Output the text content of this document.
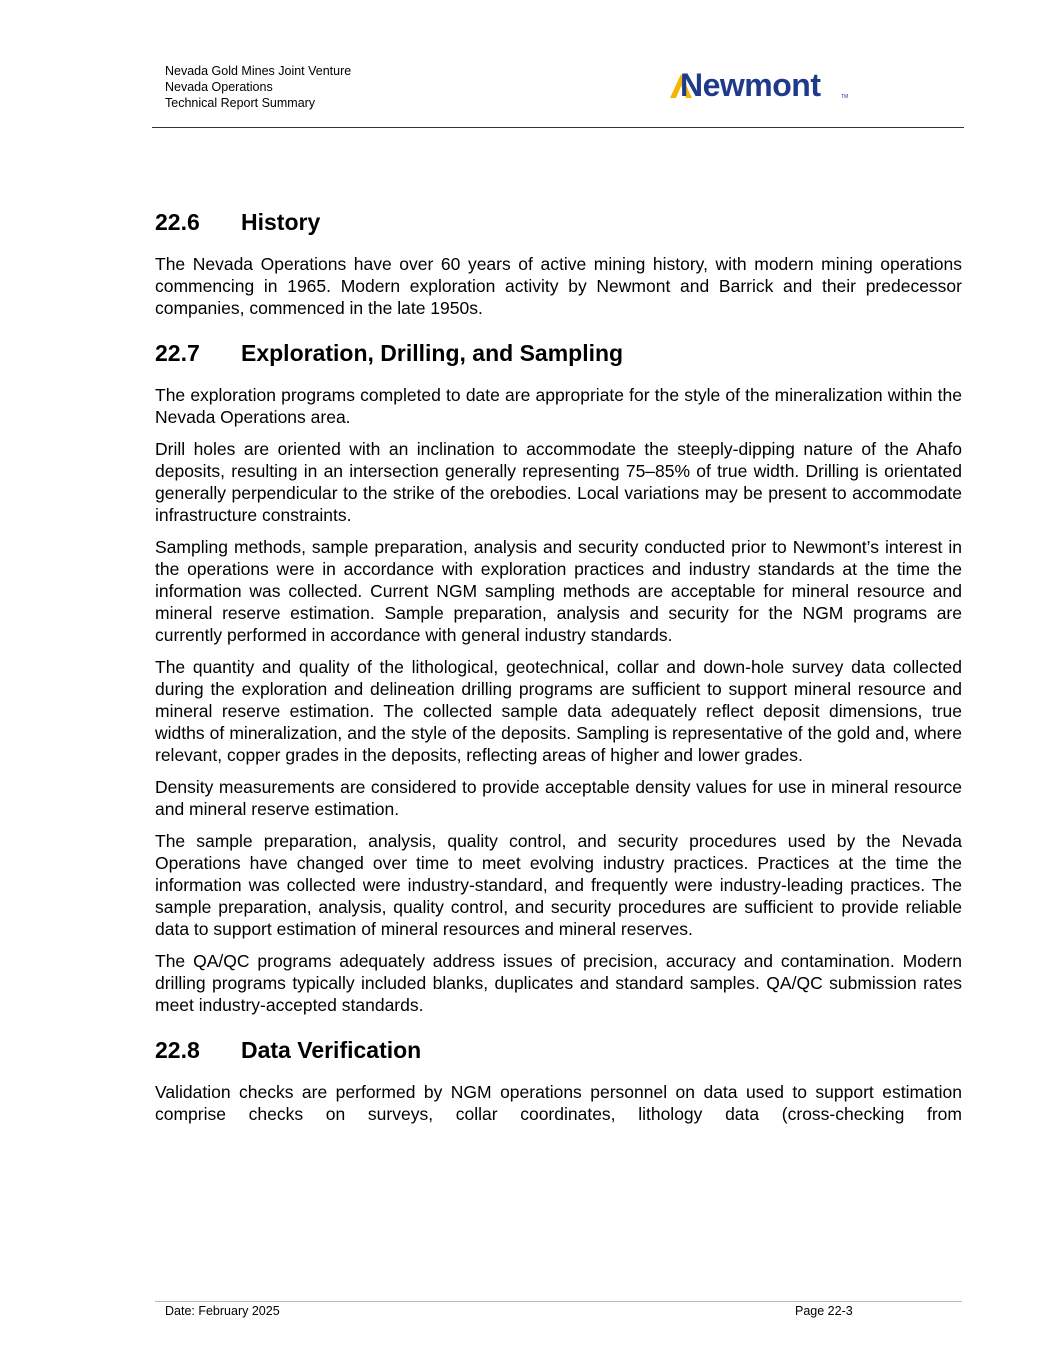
Nevada Gold Mines Joint Venture
Nevada Operations
Technical Report Summary	Newmont	TM
22.6	History

The Nevada Operations have over 60 years of active mining history, with modern mining operations commencing in 1965. Modern exploration activity by Newmont and Barrick and their predecessor companies, commenced in the late 1950s.

22.7	Exploration, Drilling, and Sampling

The exploration programs completed to date are appropriate for the style of the mineralization within the Nevada Operations area.

Drill holes are oriented with an inclination to accommodate the steeply-dipping nature of the Ahafo deposits, resulting in an intersection generally representing 75–85% of true width. Drilling is orientated generally perpendicular to the strike of the orebodies. Local variations may be present to accommodate infrastructure constraints.

Sampling methods, sample preparation, analysis and security conducted prior to Newmont’s interest in the operations were in accordance with exploration practices and industry standards at the time the information was collected. Current NGM sampling methods are acceptable for mineral resource and mineral reserve estimation. Sample preparation, analysis and security for the NGM programs are currently performed in accordance with general industry standards.

The quantity and quality of the lithological, geotechnical, collar and down-hole survey data collected during the exploration and delineation drilling programs are sufficient to support mineral resource and mineral reserve estimation. The collected sample data adequately reflect deposit dimensions, true widths of mineralization, and the style of the deposits. Sampling is representative of the gold and, where relevant, copper grades in the deposits, reflecting areas of higher and lower grades.

Density measurements are considered to provide acceptable density values for use in mineral resource and mineral reserve estimation.

The sample preparation, analysis, quality control, and security procedures used by the Nevada Operations have changed over time to meet evolving industry practices. Practices at the time the information was collected were industry-standard, and frequently were industry-leading practices. The sample preparation, analysis, quality control, and security procedures are sufficient to provide reliable data to support estimation of mineral resources and mineral reserves.

The QA/QC programs adequately address issues of precision, accuracy and contamination. Modern drilling programs typically included blanks, duplicates and standard samples. QA/QC submission rates meet industry-accepted standards.

22.8	Data Verification

Validation checks are performed by NGM operations personnel on data used to support estimation comprise checks on surveys, collar coordinates, lithology data (cross-checking from

Date: February 2025	Page 22-3
